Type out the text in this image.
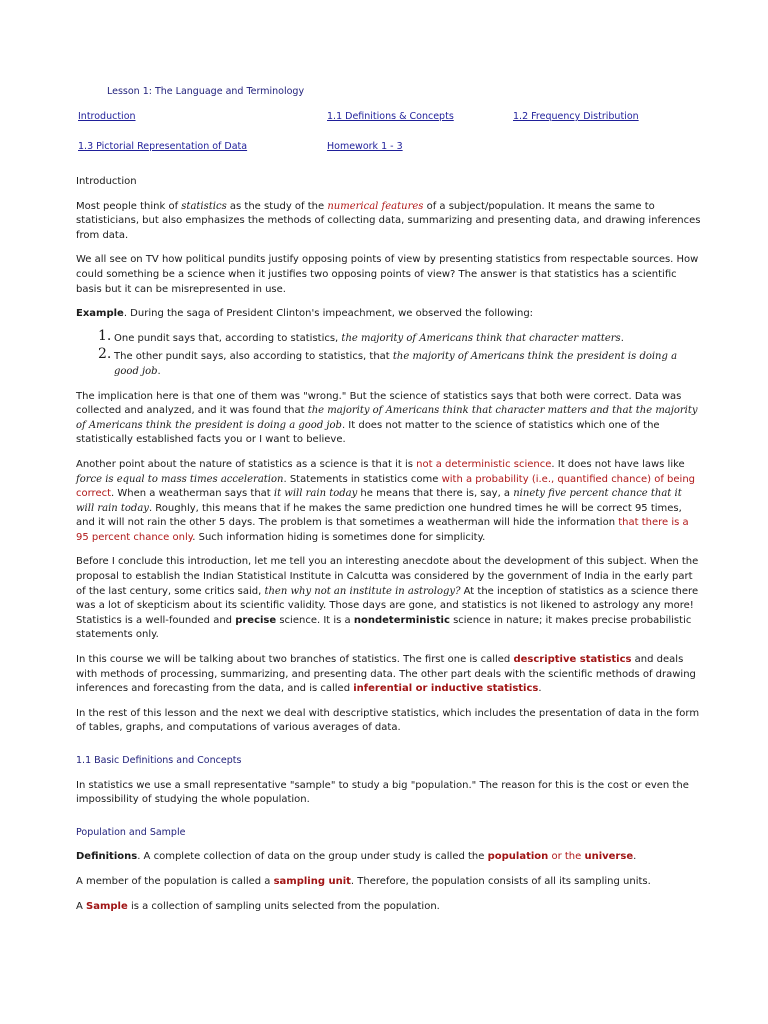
Lesson 1: The Language and Terminology
Introduction	1.1 Definitions & Concepts	1.2 Frequency Distribution
1.3 Pictorial Representation of Data	Homework 1 - 3

Introduction

Most people think of statistics as the study of the numerical features of a subject/population. It means the same to statisticians, but also emphasizes the methods of collecting data, summarizing and presenting data, and drawing inferences from data.

We all see on TV how political pundits justify opposing points of view by presenting statistics from respectable sources. How could something be a science when it justifies two opposing points of view? The answer is that statistics has a scientific basis but it can be misrepresented in use.

Example. During the saga of President Clinton's impeachment, we observed the following:

1. One pundit says that, according to statistics, the majority of Americans think that character matters.
2. The other pundit says, also according to statistics, that the majority of Americans think the president is doing a good job.

The implication here is that one of them was "wrong." But the science of statistics says that both were correct. Data was collected and analyzed, and it was found that the majority of Americans think that character matters and that the majority of Americans think the president is doing a good job. It does not matter to the science of statistics which one of the statistically established facts you or I want to believe.

Another point about the nature of statistics as a science is that it is not a deterministic science. It does not have laws like force is equal to mass times acceleration. Statements in statistics come with a probability (i.e., quantified chance) of being correct. When a weatherman says that it will rain today he means that there is, say, a ninety five percent chance that it will rain today. Roughly, this means that if he makes the same prediction one hundred times he will be correct 95 times, and it will not rain the other 5 days. The problem is that sometimes a weatherman will hide the information that there is a 95 percent chance only. Such information hiding is sometimes done for simplicity.

Before I conclude this introduction, let me tell you an interesting anecdote about the development of this subject. When the proposal to establish the Indian Statistical Institute in Calcutta was considered by the government of India in the early part of the last century, some critics said, then why not an institute in astrology? At the inception of statistics as a science there was a lot of skepticism about its scientific validity. Those days are gone, and statistics is not likened to astrology any more! Statistics is a well-founded and precise science. It is a nondeterministic science in nature; it makes precise probabilistic statements only.

In this course we will be talking about two branches of statistics. The first one is called descriptive statistics and deals with methods of processing, summarizing, and presenting data. The other part deals with the scientific methods of drawing inferences and forecasting from the data, and is called inferential or inductive statistics.

In the rest of this lesson and the next we deal with descriptive statistics, which includes the presentation of data in the form of tables, graphs, and computations of various averages of data.

1.1 Basic Definitions and Concepts

In statistics we use a small representative "sample" to study a big "population." The reason for this is the cost or even the impossibility of studying the whole population.

Population and Sample

Definitions. A complete collection of data on the group under study is called the population or the universe.

A member of the population is called a sampling unit. Therefore, the population consists of all its sampling units.

A Sample is a collection of sampling units selected from the population.
